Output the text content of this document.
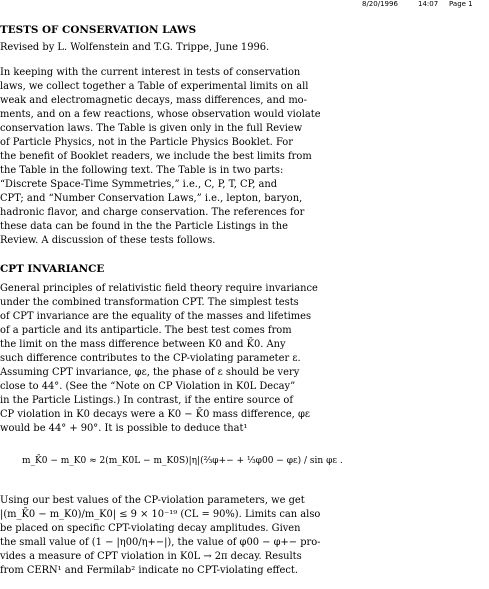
8/20/1996	14:07 Page 1
TESTS OF CONSERVATION LAWS
Revised by L. Wolfenstein and T.G. Trippe, June 1996.
In keeping with the current interest in tests of conservation
laws, we collect together a Table of experimental limits on all
weak and electromagnetic decays, mass differences, and mo-
ments, and on a few reactions, whose observation would violate
conservation laws. The Table is given only in the full Review
of Particle Physics, not in the Particle Physics Booklet. For
the benefit of Booklet readers, we include the best limits from
the Table in the following text. The Table is in two parts:
“Discrete Space-Time Symmetries,” i.e., C, P, T, CP, and
CPT; and “Number Conservation Laws,” i.e., lepton, baryon,
hadronic flavor, and charge conservation. The references for
these data can be found in the the Particle Listings in the
Review. A discussion of these tests follows.
CPT INVARIANCE
General principles of relativistic field theory require invariance
under the combined transformation CPT. The simplest tests
of CPT invariance are the equality of the masses and lifetimes
of a particle and its antiparticle. The best test comes from
the limit on the mass difference between K0 and K̄0. Any
such difference contributes to the CP-violating parameter ε.
Assuming CPT invariance, φε, the phase of ε should be very
close to 44°. (See the “Note on CP Violation in K0L Decay”
in the Particle Listings.) In contrast, if the entire source of
CP violation in K0 decays were a K0 − K̄0 mass difference, φε
would be 44° + 90°. It is possible to deduce that¹
m_K̄0 − m_K0 ≈ 2(m_K0L − m_K0S)|η|(⅔φ+− + ⅓φ00 − φε) / sin φε .
Using our best values of the CP-violation parameters, we get
|(m_K̄0 − m_K0)/m_K0| ≤ 9 × 10⁻¹⁹ (CL = 90%). Limits can also
be placed on specific CPT-violating decay amplitudes. Given
the small value of (1 − |η00/η+−|), the value of φ00 − φ+− pro-
vides a measure of CPT violation in K0L → 2π decay. Results
from CERN¹ and Fermilab² indicate no CPT-violating effect.
